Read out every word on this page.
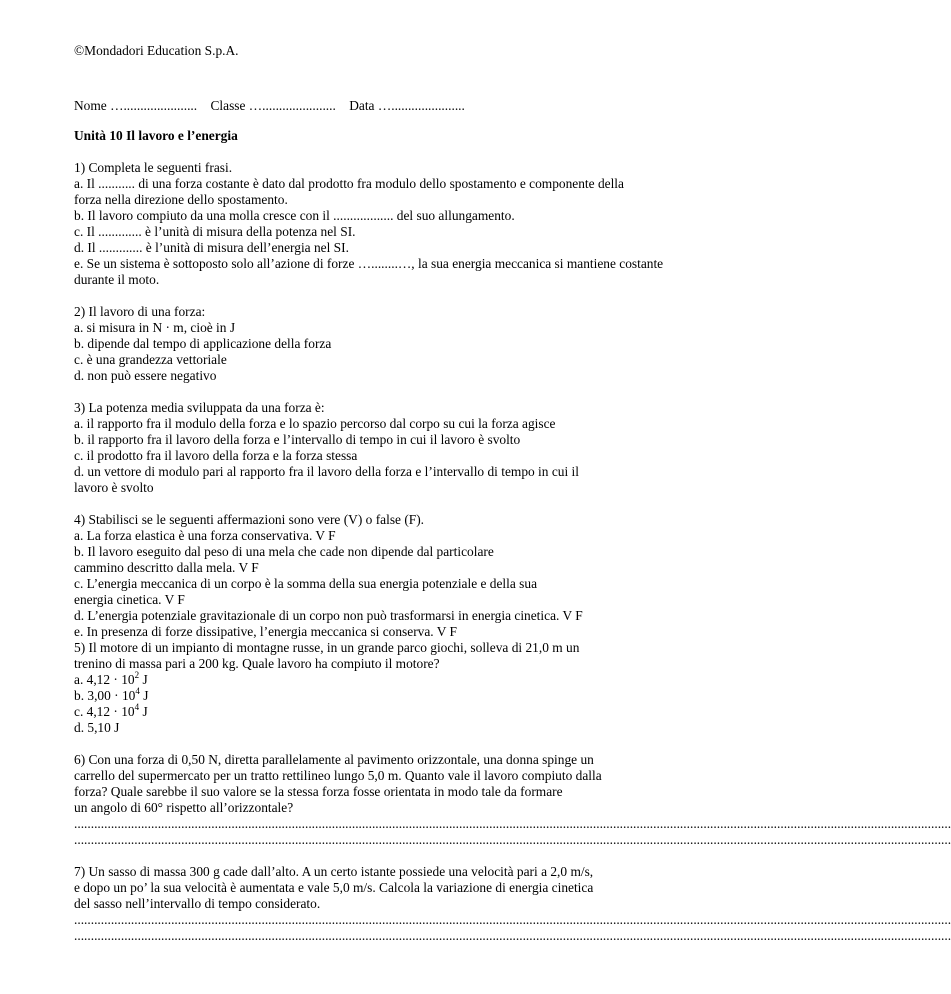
©Mondadori Education S.p.A.
Nome …...................... Classe …...................... Data …......................
Unità 10 Il lavoro e l’energia
1) Completa le seguenti frasi.
a. Il ........... di una forza costante è dato dal prodotto fra modulo dello spostamento e componente della
forza nella direzione dello spostamento.
b. Il lavoro compiuto da una molla cresce con il .................. del suo allungamento.
c. Il ............. è l’unità di misura della potenza nel SI.
d. Il ............. è l’unità di misura dell’energia nel SI.
e. Se un sistema è sottoposto solo all’azione di forze …........…, la sua energia meccanica si mantiene costante
durante il moto.
2) Il lavoro di una forza:
a. si misura in N · m, cioè in J
b. dipende dal tempo di applicazione della forza
c. è una grandezza vettoriale
d. non può essere negativo
3) La potenza media sviluppata da una forza è:
a. il rapporto fra il modulo della forza e lo spazio percorso dal corpo su cui la forza agisce
b. il rapporto fra il lavoro della forza e l’intervallo di tempo in cui il lavoro è svolto
c. il prodotto fra il lavoro della forza e la forza stessa
d. un vettore di modulo pari al rapporto fra il lavoro della forza e l’intervallo di tempo in cui il
lavoro è svolto
4) Stabilisci se le seguenti affermazioni sono vere (V) o false (F).
a. La forza elastica è una forza conservativa. V F
b. Il lavoro eseguito dal peso di una mela che cade non dipende dal particolare
cammino descritto dalla mela. V F
c. L’energia meccanica di un corpo è la somma della sua energia potenziale e della sua
energia cinetica. V F
d. L’energia potenziale gravitazionale di un corpo non può trasformarsi in energia cinetica. V F
e. In presenza di forze dissipative, l’energia meccanica si conserva. V F
5) Il motore di un impianto di montagne russe, in un grande parco giochi, solleva di 21,0 m un
trenino di massa pari a 200 kg. Quale lavoro ha compiuto il motore?
a. $4,12 \cdot 10^2$ J
b. $3,00 \cdot 10^4$ J
c. $4,12 \cdot 10^4$ J
d. 5,10 J
6) Con una forza di 0,50 N, diretta parallelamente al pavimento orizzontale, una donna spinge un
carrello del supermercato per un tratto rettilineo lungo 5,0 m. Quanto vale il lavoro compiuto dalla
forza? Quale sarebbe il suo valore se la stessa forza fosse orientata in modo tale da formare
un angolo di 60° rispetto all’orizzontale?
......................................................................................................................................................................................................................................................................
......................................................................................................................................................................................................................................................................
7) Un sasso di massa 300 g cade dall’alto. A un certo istante possiede una velocità pari a 2,0 m/s,
e dopo un po’ la sua velocità è aumentata e vale 5,0 m/s. Calcola la variazione di energia cinetica
del sasso nell’intervallo di tempo considerato.
......................................................................................................................................................................................................................................................................
......................................................................................................................................................................................................................................................................
